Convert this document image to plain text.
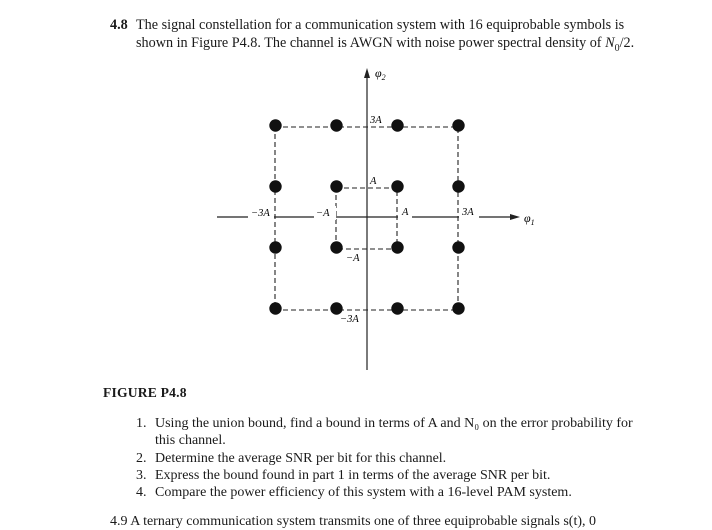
4.8 The signal constellation for a communication system with 16 equiprobable symbols is
shown in Figure P4.8. The channel is AWGN with noise power spectral density of $N_0/2$.
$\varphi_2$
$\varphi_1$
3A
A
−3A	−A	A	3A
−A
−3A
FIGURE P4.8
1. Using the union bound, find a bound in terms of A and N₀ on the error probability for
this channel.
2. Determine the average SNR per bit for this channel.
3. Express the bound found in part 1 in terms of the average SNR per bit.
4. Compare the power efficiency of this system with a 16-level PAM system.
4.9 A ternary communication system transmits one of three equiprobable signals s(t), 0
